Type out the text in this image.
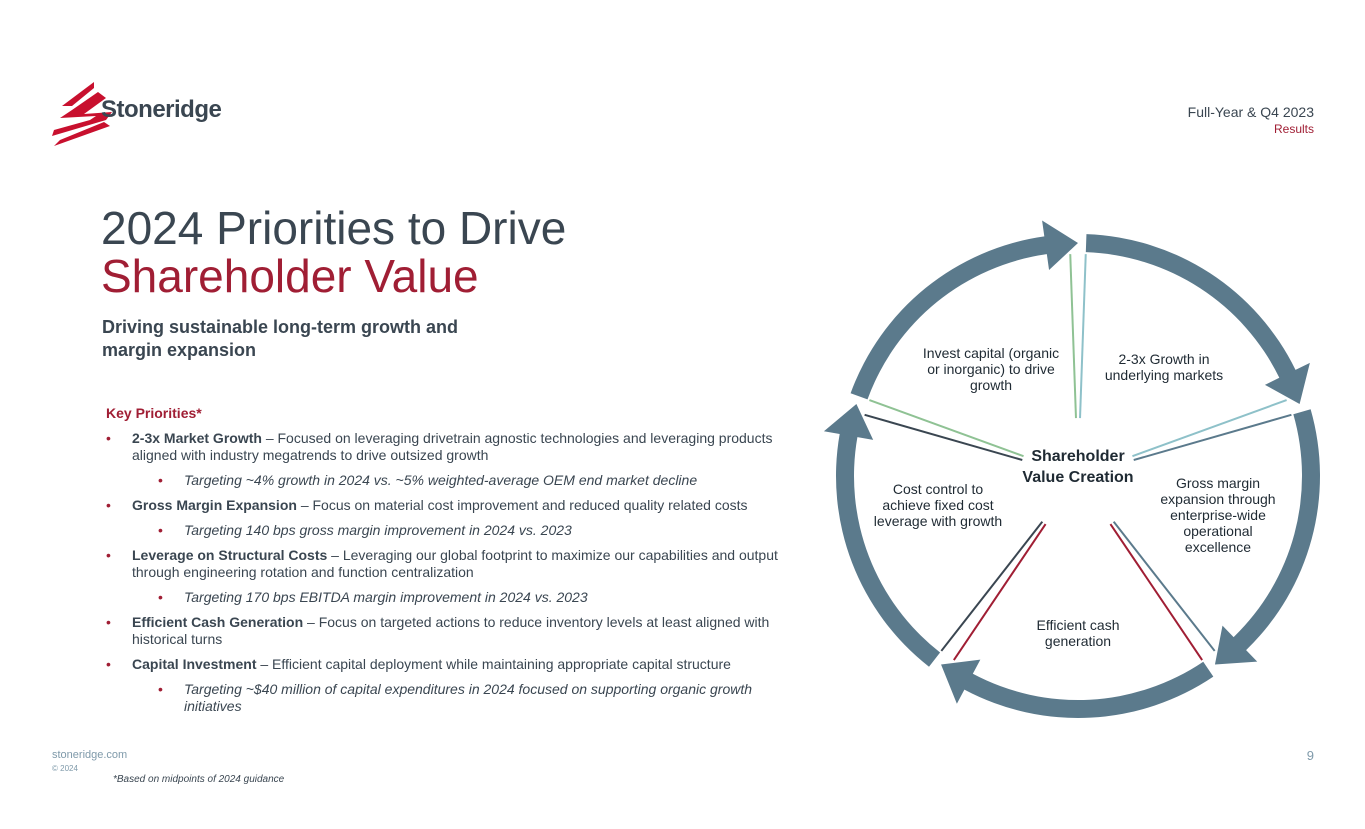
Stoneridge	Full-Year & Q4 2023
Results
2024 Priorities to Drive
Shareholder Value
Driving sustainable long-term growth and margin expansion
Key Priorities*
• 2-3x Market Growth – Focused on leveraging drivetrain agnostic technologies and leveraging products aligned with industry megatrends to drive outsized growth
• Targeting ~4% growth in 2024 vs. ~5% weighted-average OEM end market decline
• Gross Margin Expansion – Focus on material cost improvement and reduced quality related costs
• Targeting 140 bps gross margin improvement in 2024 vs. 2023
• Leverage on Structural Costs – Leveraging our global footprint to maximize our capabilities and output through engineering rotation and function centralization
• Targeting 170 bps EBITDA margin improvement in 2024 vs. 2023
• Efficient Cash Generation – Focus on targeted actions to reduce inventory levels at least aligned with historical turns
• Capital Investment – Efficient capital deployment while maintaining appropriate capital structure
• Targeting ~$40 million of capital expenditures in 2024 focused on supporting organic growth initiatives
2-3x Growth in underlying markets
Gross margin expansion through enterprise-wide operational excellence
Efficient cash generation
Cost control to achieve fixed cost leverage with growth
Invest capital (organic or inorganic) to drive growth
Shareholder Value Creation
stoneridge.com
© 2024
*Based on midpoints of 2024 guidance
9
